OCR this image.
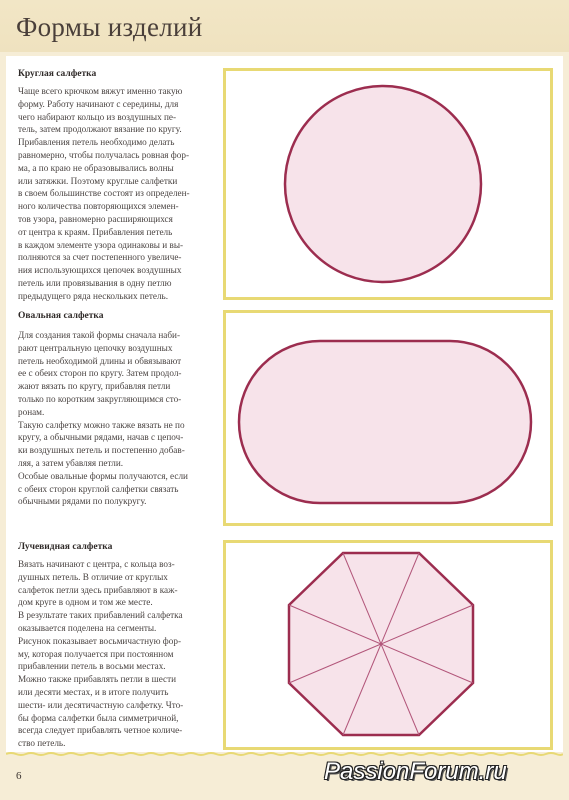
Формы изделий
Круглая салфетка

Чаще всего крючком вяжут именно такую
форму. Работу начинают с середины, для
чего набирают кольцо из воздушных пе-
тель, затем продолжают вязание по кругу.
Прибавления петель необходимо делать
равномерно, чтобы получалась ровная фор-
ма, а по краю не образовывались волны
или затяжки. Поэтому круглые салфетки
в своем большинстве состоят из определен-
ного количества повторяющихся элемен-
тов узора, равномерно расширяющихся
от центра к краям. Прибавления петель
в каждом элементе узора одинаковы и вы-
полняются за счет постепенного увеличе-
ния использующихся цепочек воздушных
петель или провязывания в одну петлю
предыдущего ряда нескольких петель.

Овальная салфетка

Для создания такой формы сначала наби-
рают центральную цепочку воздушных
петель необходимой длины и обвязывают
ее с обеих сторон по кругу. Затем продол-
жают вязать по кругу, прибавляя петли
только по коротким закругляющимся сто-
ронам.
Такую салфетку можно также вязать не по
кругу, а обычными рядами, начав с цепоч-
ки воздушных петель и постепенно добав-
ляя, а затем убавляя петли.
Особые овальные формы получаются, если
с обеих сторон круглой салфетки связать
обычными рядами по полукругу.

Лучевидная салфетка

Вязать начинают с центра, с кольца воз-
душных петель. В отличие от круглых
салфеток петли здесь прибавляют в каж-
дом круге в одном и том же месте.
В результате таких прибавлений салфетка
оказывается поделена на сегменты.
Рисунок показывает восьмичастную фор-
му, которая получается при постоянном
прибавлении петель в восьми местах.
Можно также прибавлять петли в шести
или десяти местах, и в итоге получить
шести- или десятичастную салфетку. Что-
бы форма салфетки была симметричной,
всегда следует прибавлять четное количе-
ство петель.

6	PassionForum.ru
